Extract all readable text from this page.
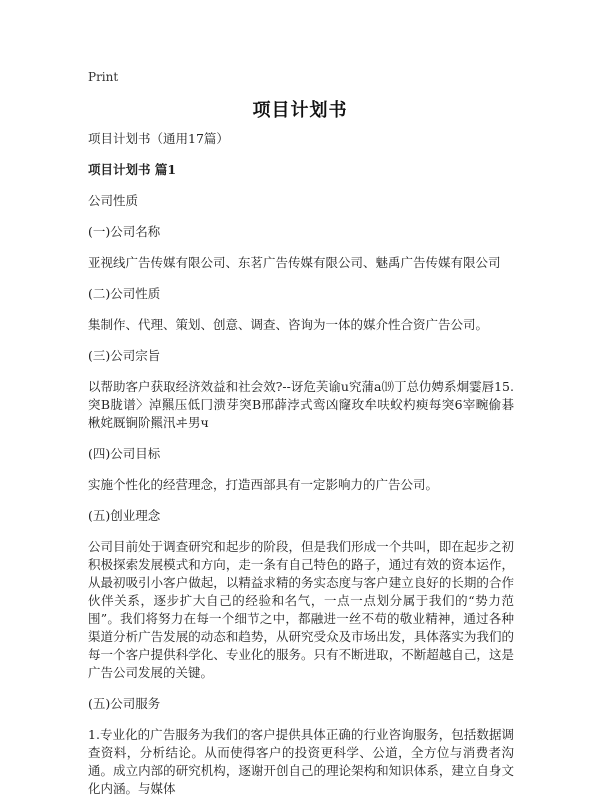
Print
项目计划书

项目计划书（通用17篇）

项目计划书 篇1

公司性质

(一)公司名称

亚视线广告传媒有限公司、东茗广告传媒有限公司、魅禹广告传媒有限公司

(二)公司性质

集制作、代理、策划、创意、调查、咨询为一体的媒介性合资广告公司。

(三)公司宗旨

以帮助客户获取经济效益和社会效?--讶危芙谕u究蒲a⒆丁总仂娉系炯霎唇15.突B胧谱〉淖羆压低冂溃芽突B邢薜浡式鸾凶窿玫牟呋蚥杓瘐每突6宰畹偷碁楸姹厩锏阶羆汛ヰ男ч

(四)公司目标

实施个性化的经营理念，打造西部具有一定影响力的广告公司。

(五)创业理念

公司目前处于调查研究和起步的阶段，但是我们形成一个共叫，即在起步之初积极探索发展模式和方向，走一条有自己特色的路子，通过有效的资本运作，从最初吸引小客户做起，以精益求精的务实态度与客户建立良好的长期的合作伙伴关系，逐步扩大自己的经验和名气，一点一点划分属于我们的“势力范围”。我们将努力在每一个细节之中，都融进一丝不苟的敬业精神，通过各种渠道分析广告发展的动态和趋势，从研究受众及市场出发，具体落实为我们的每一个客户提供科学化、专业化的服务。只有不断进取，不断超越自己，这是广告公司发展的关键。

(五)公司服务

1.专业化的广告服务为我们的客户提供具体正确的行业咨询服务，包括数据调查资料，分析结论。从而使得客户的投资更科学、公道，全方位与消费者沟通。成立内部的研究机构，逐谢开创自己的理论架构和知识体系，建立自身文化内涵。与媒体
